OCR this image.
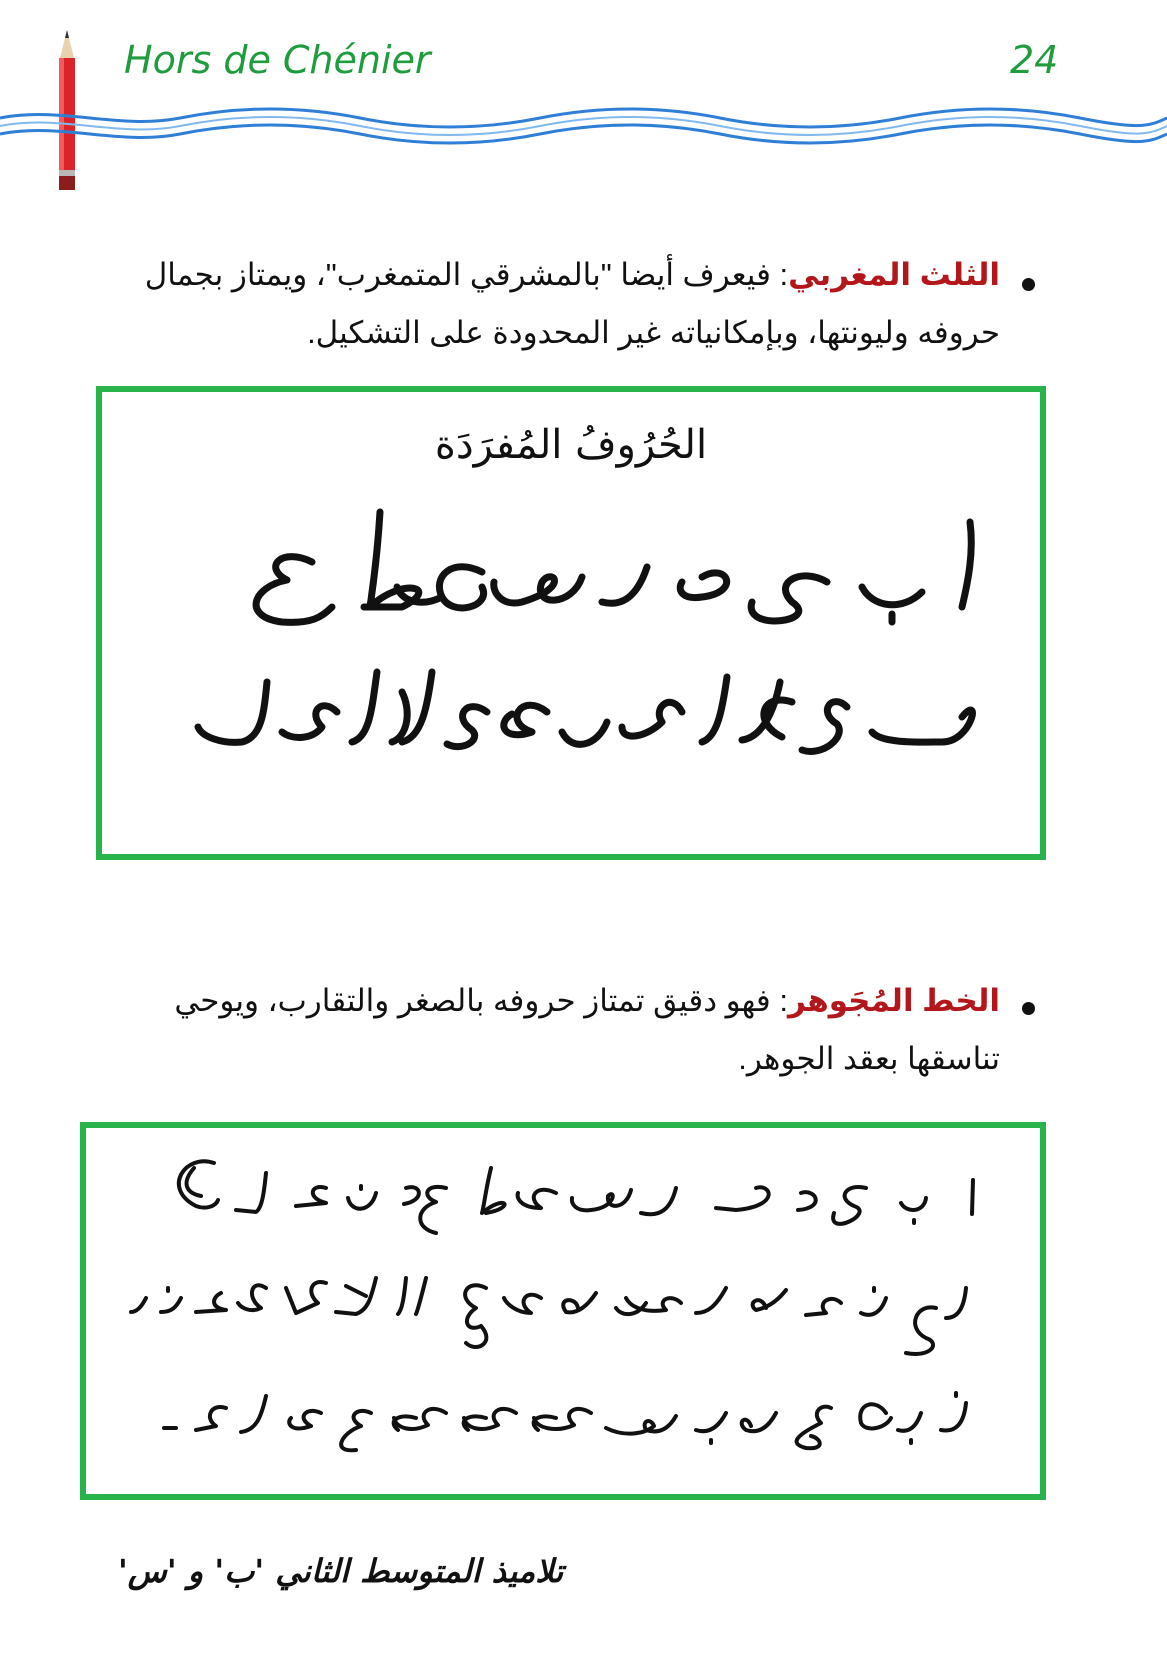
Hors de Chénier	24
الثلث المغربي: فيعرف أيضا "بالمشرقي المتمغرب"، ويمتاز بجمال حروفه وليونتها، وبإمكانياته غير المحدودة على التشكيل.
الحُرُوفُ المُفرَدَة
الخط المُجَوهر: فهو دقيق تمتاز حروفه بالصغر والتقارب، ويوحي تناسقها بعقد الجوهر.
تلاميذ المتوسط الثاني 'ب' و 'س'
